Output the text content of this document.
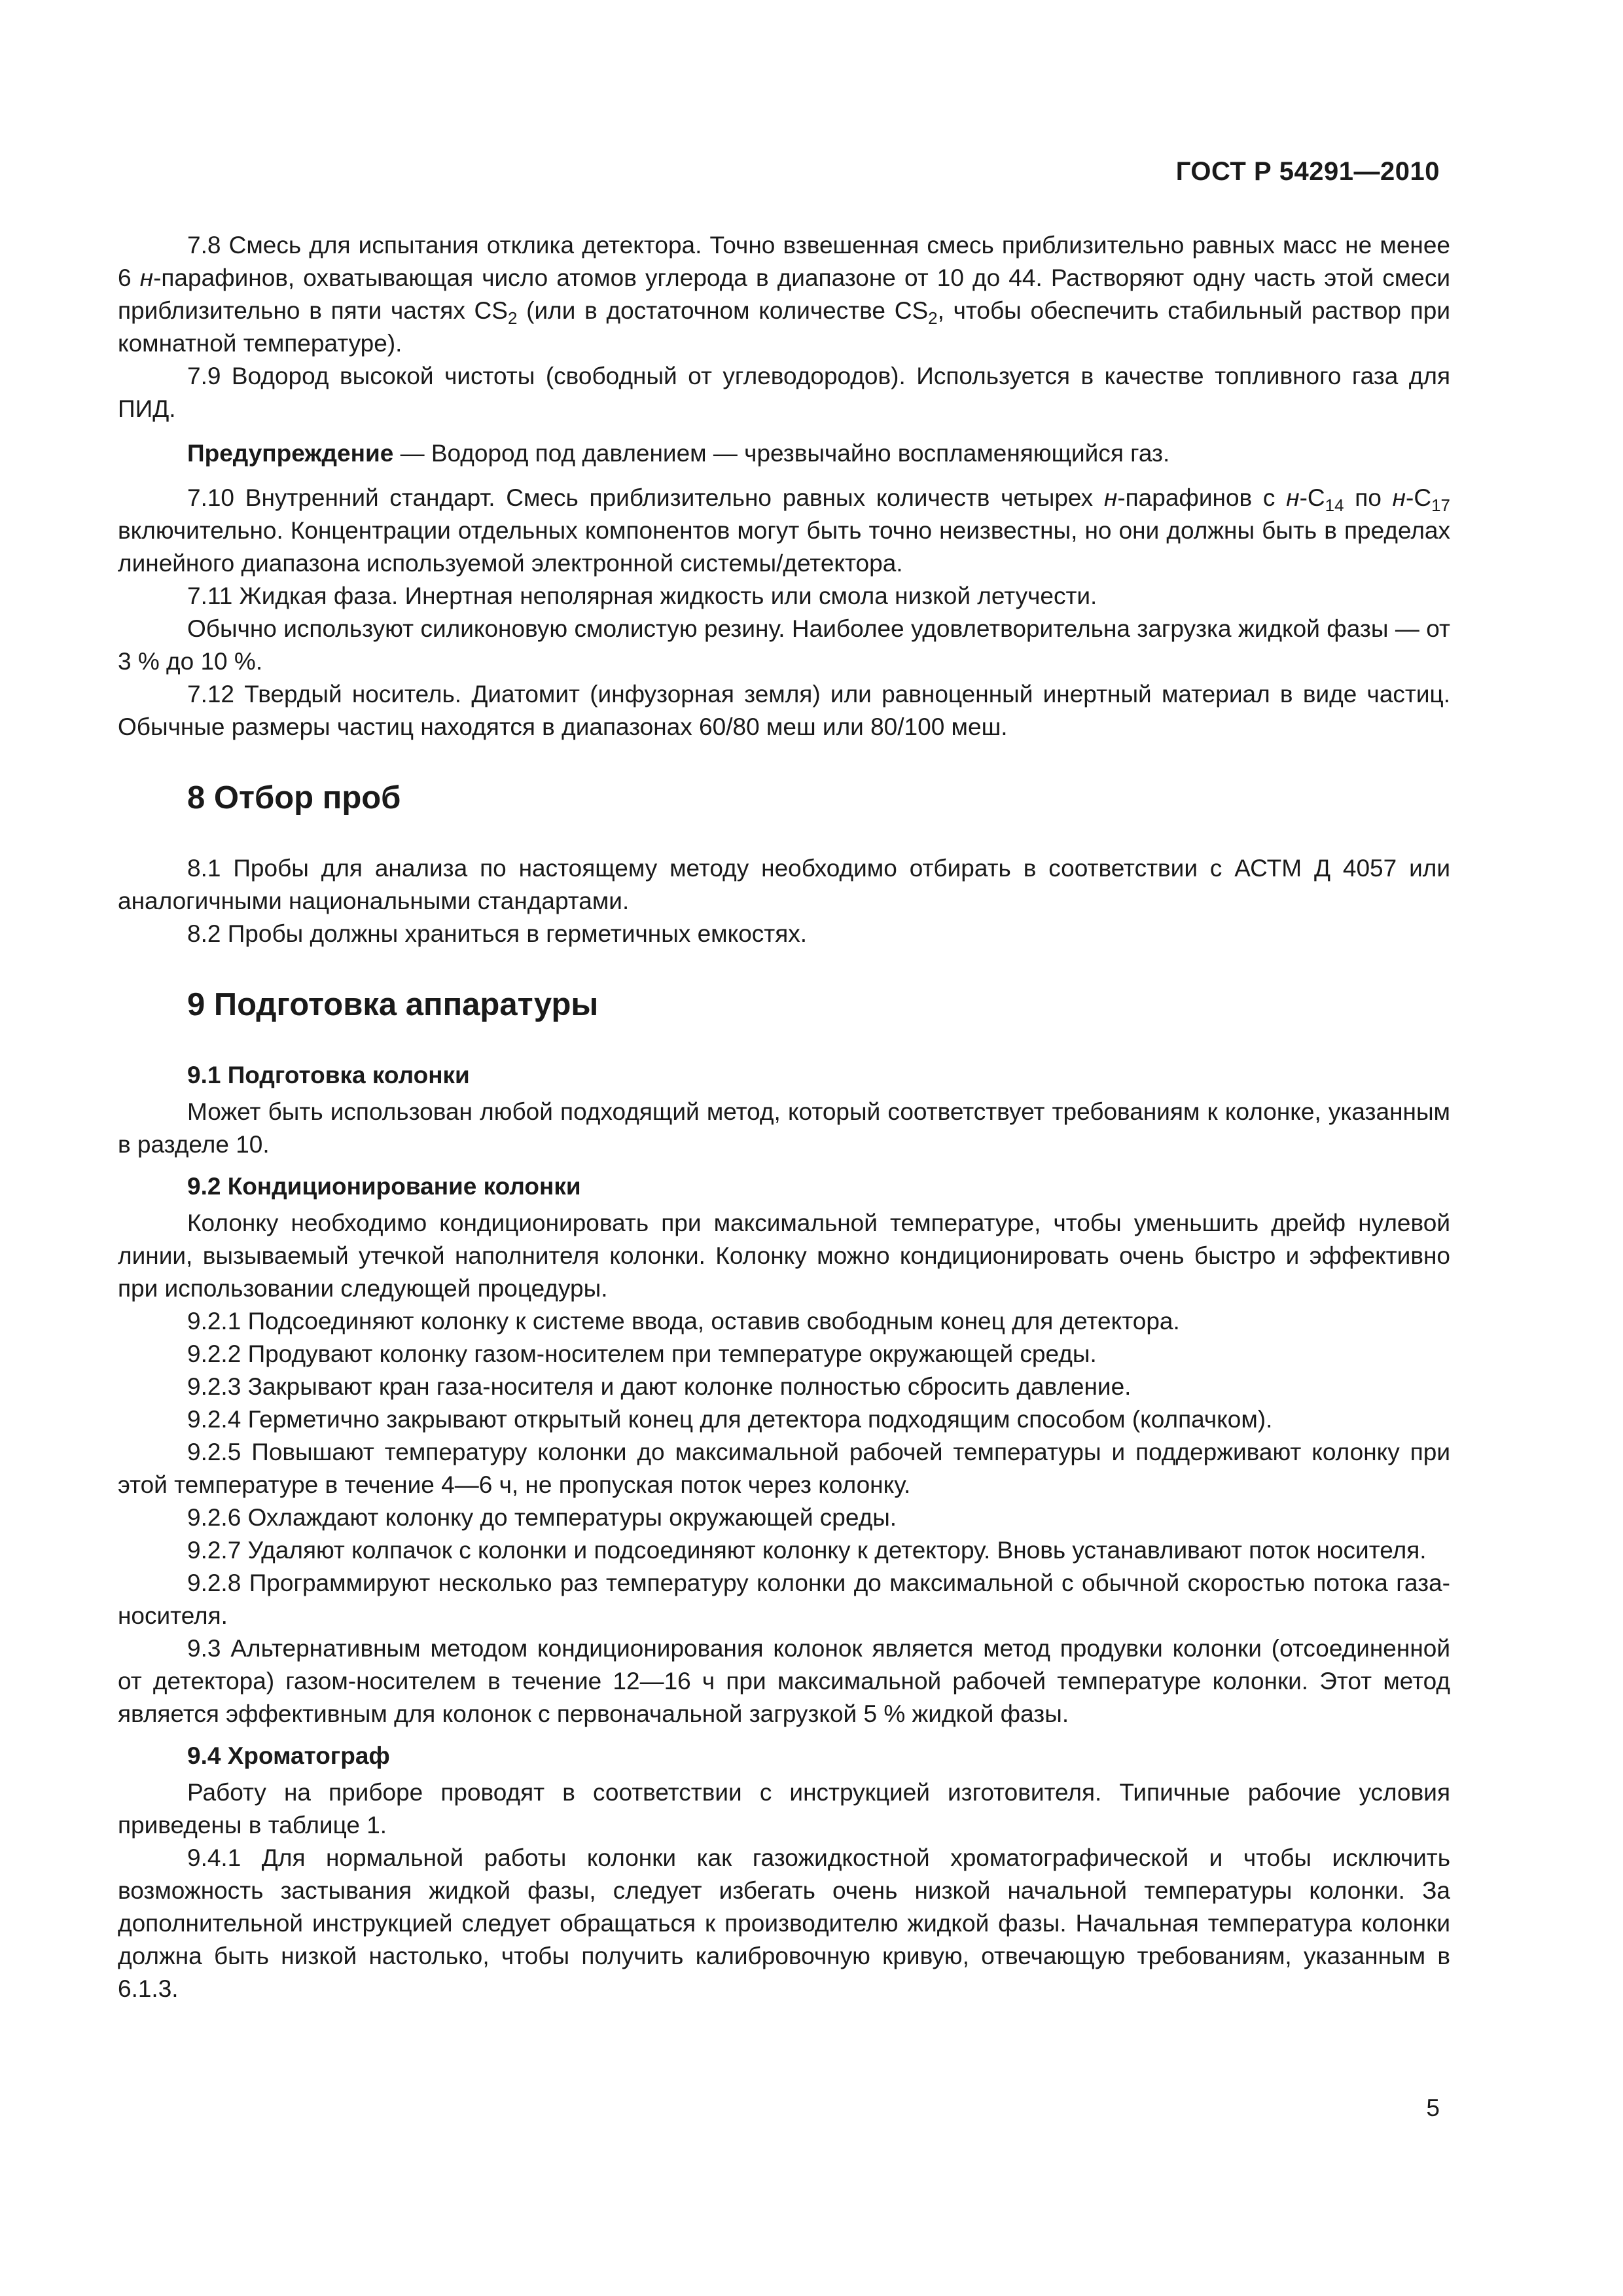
ГОСТ Р 54291—2010

7.8 Смесь для испытания отклика детектора. Точно взвешенная смесь приблизительно равных масс не менее 6 н-парафинов, охватывающая число атомов углерода в диапазоне от 10 до 44. Растворяют одну часть этой смеси приблизительно в пяти частях $CS_2$ (или в достаточном количестве $CS_2$, чтобы обеспечить стабильный раствор при комнатной температуре).

7.9 Водород высокой чистоты (свободный от углеводородов). Используется в качестве топливного газа для ПИД.

Предупреждение — Водород под давлением — чрезвычайно воспламеняющийся газ.

7.10 Внутренний стандарт. Смесь приблизительно равных количеств четырех н-парафинов с $н-C_{14}$ по $н-C_{17}$ включительно. Концентрации отдельных компонентов могут быть точно неизвестны, но они должны быть в пределах линейного диапазона используемой электронной системы/детектора.

7.11 Жидкая фаза. Инертная неполярная жидкость или смола низкой летучести.

Обычно используют силиконовую смолистую резину. Наиболее удовлетворительна загрузка жидкой фазы — от 3 % до 10 %.

7.12 Твердый носитель. Диатомит (инфузорная земля) или равноценный инертный материал в виде частиц. Обычные размеры частиц находятся в диапазонах 60/80 меш или 80/100 меш.

8 Отбор проб

8.1 Пробы для анализа по настоящему методу необходимо отбирать в соответствии с АСТМ Д 4057 или аналогичными национальными стандартами.

8.2 Пробы должны храниться в герметичных емкостях.

9 Подготовка аппаратуры
9.1 Подготовка колонки

Может быть использован любой подходящий метод, который соответствует требованиям к колонке, указанным в разделе 10.

9.2 Кондиционирование колонки

Колонку необходимо кондиционировать при максимальной температуре, чтобы уменьшить дрейф нулевой линии, вызываемый утечкой наполнителя колонки. Колонку можно кондиционировать очень быстро и эффективно при использовании следующей процедуры.

9.2.1 Подсоединяют колонку к системе ввода, оставив свободным конец для детектора.

9.2.2 Продувают колонку газом-носителем при температуре окружающей среды.

9.2.3 Закрывают кран газа-носителя и дают колонке полностью сбросить давление.

9.2.4 Герметично закрывают открытый конец для детектора подходящим способом (колпачком).

9.2.5 Повышают температуру колонки до максимальной рабочей температуры и поддерживают колонку при этой температуре в течение 4—6 ч, не пропуская поток через колонку.

9.2.6 Охлаждают колонку до температуры окружающей среды.

9.2.7 Удаляют колпачок с колонки и подсоединяют колонку к детектору. Вновь устанавливают поток носителя.

9.2.8 Программируют несколько раз температуру колонки до максимальной с обычной скоростью потока газа-носителя.

9.3 Альтернативным методом кондиционирования колонок является метод продувки колонки (отсоединенной от детектора) газом-носителем в течение 12—16 ч при максимальной рабочей температуре колонки. Этот метод является эффективным для колонок с первоначальной загрузкой 5 % жидкой фазы.

9.4 Хроматограф

Работу на приборе проводят в соответствии с инструкцией изготовителя. Типичные рабочие условия приведены в таблице 1.

9.4.1 Для нормальной работы колонки как газожидкостной хроматографической и чтобы исключить возможность застывания жидкой фазы, следует избегать очень низкой начальной температуры колонки. За дополнительной инструкцией следует обращаться к производителю жидкой фазы. Начальная температура колонки должна быть низкой настолько, чтобы получить калибровочную кривую, отвечающую требованиям, указанным в 6.1.3.

5
